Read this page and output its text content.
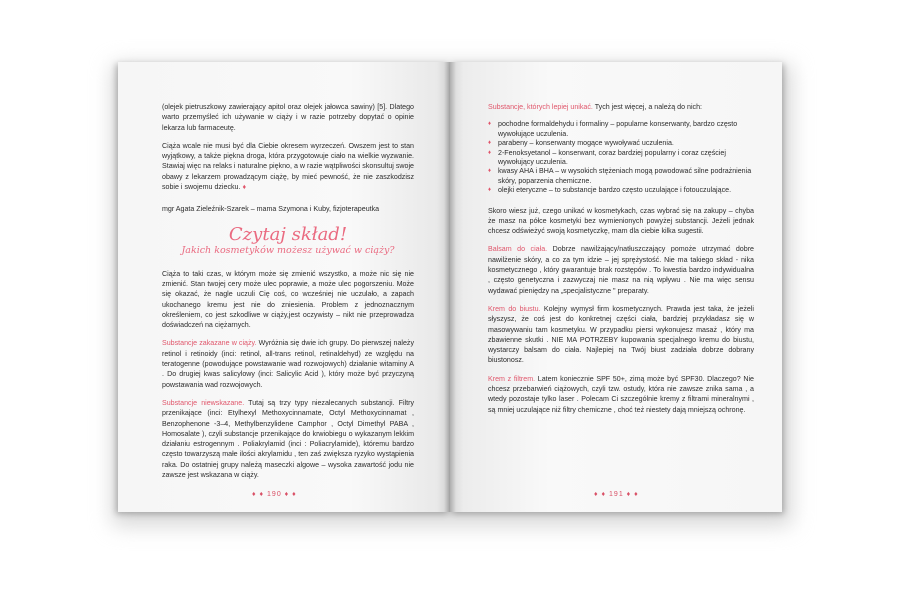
(olejek pietruszkowy zawierający apitol oraz olejek jałowca sawiny) [5]. Dlatego warto przemyśleć ich używanie w ciąży i w razie potrzeby dopytać o opinie lekarza lub farmaceutę.

Ciąża wcale nie musi być dla Ciebie okresem wyrzeczeń. Owszem jest to stan wyjątkowy, a także piękna droga, która przygotowuje ciało na wielkie wyzwanie. Stawiaj więc na relaks i naturalne piękno, a w razie wątpliwości skonsultuj swoje obawy z lekarzem prowadzącym ciążę, by mieć pewność, że nie zaszkodzisz sobie i swojemu dziecku. ♦

mgr Agata Zieleźnik-Szarek – mama Szymona i Kuby, fizjoterapeutka

Czytaj skład!
Jakich kosmetyków możesz używać w ciąży?

Ciąża to taki czas, w którym może się zmienić wszystko, a może nic się nie zmienić. Stan twojej cery może ulec poprawie, a może ulec pogorszeniu. Może się okazać, że nagle uczuli Cię coś, co wcześniej nie uczulało, a zapach ukochanego kremu jest nie do zniesienia. Problem z jednoznacznym określeniem, co jest szkodliwe w ciąży,jest oczywisty – nikt nie przeprowadza doświadczeń na ciężarnych.

Substancje zakazane w ciąży. Wyróżnia się dwie ich grupy. Do pierwszej należy retinol i retinoidy (inci: retinol, all-trans retinol, retinaldehyd) ze względu na teratogenne (powodujące powstawanie wad rozwojowych) działanie witaminy A . Do drugiej kwas salicylowy (inci: Salicylic Acid ), który może być przyczyną powstawania wad rozwojowych.

Substancje niewskazane. Tutaj są trzy typy niezalecanych substancji. Filtry przenikające (inci: Etylhexyl Methoxycinnamate, Octyl Methoxycinnamat , Benzophenone -3–4, Methylbenzylidene Camphor , Octyl Dimethyl PABA , Homosalate ), czyli substancje przenikające do krwiobiegu o wykazanym lekkim działaniu estrogennym . Poliakrylamid (inci : Poliacrylamide), któremu bardzo często towarzyszą małe ilości akrylamidu , ten zaś zwiększa ryzyko wystąpienia raka. Do ostatniej grupy należą maseczki algowe – wysoka zawartość jodu nie zawsze jest wskazana w ciąży.

♦ ♦ 190 ♦ ♦

Substancje, których lepiej unikać. Tych jest więcej, a należą do nich:

♦ pochodne formaldehydu i formaliny – popularne konserwanty, bardzo często wywołujące uczulenia.
♦ parabeny – konserwanty mogące wywoływać uczulenia.
♦ 2-Fenoksyetanol – konserwant, coraz bardziej popularny i coraz częściej wywołujący uczulenia.
♦ kwasy AHA i BHA – w wysokich stężeniach mogą powodować silne podrażnienia skóry, poparzenia chemiczne.
♦ olejki eteryczne – to substancje bardzo często uczulające i fotouczulające.

Skoro wiesz już, czego unikać w kosmetykach, czas wybrać się na zakupy – chyba że masz na półce kosmetyki bez wymienionych powyżej substancji. Jeżeli jednak chcesz odświeżyć swoją kosmetyczkę, mam dla ciebie kilka sugestii.

Balsam do ciała. Dobrze nawilżający/natłuszczający pomoże utrzymać dobre nawilżenie skóry, a co za tym idzie – jej sprężystość. Nie ma takiego skład - nika kosmetycznego , który gwarantuje brak rozstępów . To kwestia bardzo indywidualna , często genetyczna i zazwyczaj nie masz na nią wpływu . Nie ma więc sensu wydawać pieniędzy na „specjalistyczne " preparaty.

Krem do biustu. Kolejny wymysł firm kosmetycznych. Prawda jest taka, że jeżeli słyszysz, że coś jest do konkretnej części ciała, bardziej przykładasz się w masowywaniu tam kosmetyku. W przypadku piersi wykonujesz masaż , który ma zbawienne skutki . NIE MA POTRZEBY kupowania specjalnego kremu do biustu, wystarczy balsam do ciała. Najlepiej na Twój biust zadziała dobrze dobrany biustonosz.

Krem z filtrem. Latem koniecznie SPF 50+, zimą może być SPF30. Dlaczego? Nie chcesz przebarwień ciążowych, czyli tzw. ostudy, która nie zawsze znika sama , a wtedy pozostaje tylko laser . Polecam Ci szczególnie kremy z filtrami mineralnymi , są mniej uczulające niż filtry chemiczne , choć też niestety dają mniejszą ochronę.

♦ ♦ 191 ♦ ♦
